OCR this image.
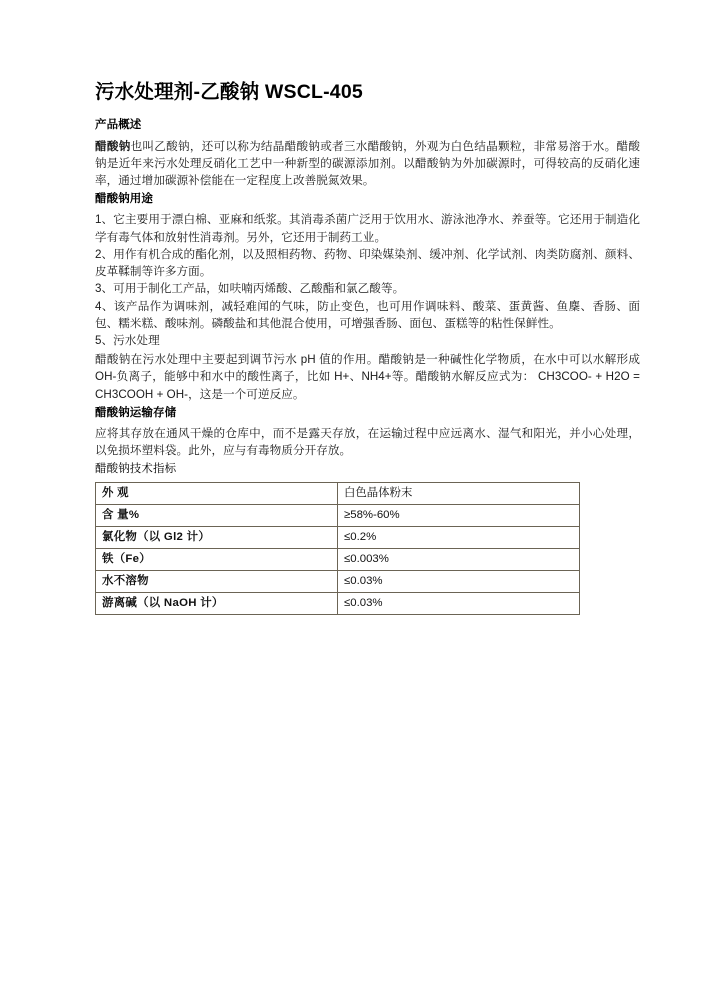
污水处理剂-乙酸钠 WSCL-405
产品概述

醋酸钠也叫乙酸钠，还可以称为结晶醋酸钠或者三水醋酸钠，外观为白色结晶颗粒，非常易溶于水。醋酸钠是近年来污水处理反硝化工艺中一种新型的碳源添加剂。以醋酸钠为外加碳源时，可得较高的反硝化速率，通过增加碳源补偿能在一定程度上改善脱氮效果。

醋酸钠用途

1、它主要用于漂白棉、亚麻和纸浆。其消毒杀菌广泛用于饮用水、游泳池净水、养蚕等。它还用于制造化学有毒气体和放射性消毒剂。另外，它还用于制药工业。

2、用作有机合成的酯化剂，以及照相药物、药物、印染媒染剂、缓冲剂、化学试剂、肉类防腐剂、颜料、皮革鞣制等许多方面。

3、可用于制化工产品，如呋喃丙烯酸、乙酸酯和氯乙酸等。

4、该产品作为调味剂，减轻难闻的气味，防止变色，也可用作调味料、酸菜、蛋黄酱、鱼麇、香肠、面包、糯米糕、酸味剂。磷酸盐和其他混合使用，可增强香肠、面包、蛋糕等的粘性保鲜性。

5、污水处理

醋酸钠在污水处理中主要起到调节污水 pH 值的作用。醋酸钠是一种碱性化学物质，在水中可以水解形成 OH-负离子，能够中和水中的酸性离子，比如 H+、NH4+等。醋酸钠水解反应式为： CH3COO- + H2O = CH3COOH + OH-，这是一个可逆反应。

醋酸钠运输存储

应将其存放在通风干燥的仓库中，而不是露天存放，在运输过程中应远离水、湿气和阳光，并小心处理，以免损坏塑料袋。此外，应与有毒物质分开存放。

醋酸钠技术指标
外 观	白色晶体粉末
含 量%	≥58%-60%
氯化物（以 Gl2 计）	≤0.2%
铁（Fe）	≤0.003%
水不溶物	≤0.03%
游离碱（以 NaOH 计）	≤0.03%
